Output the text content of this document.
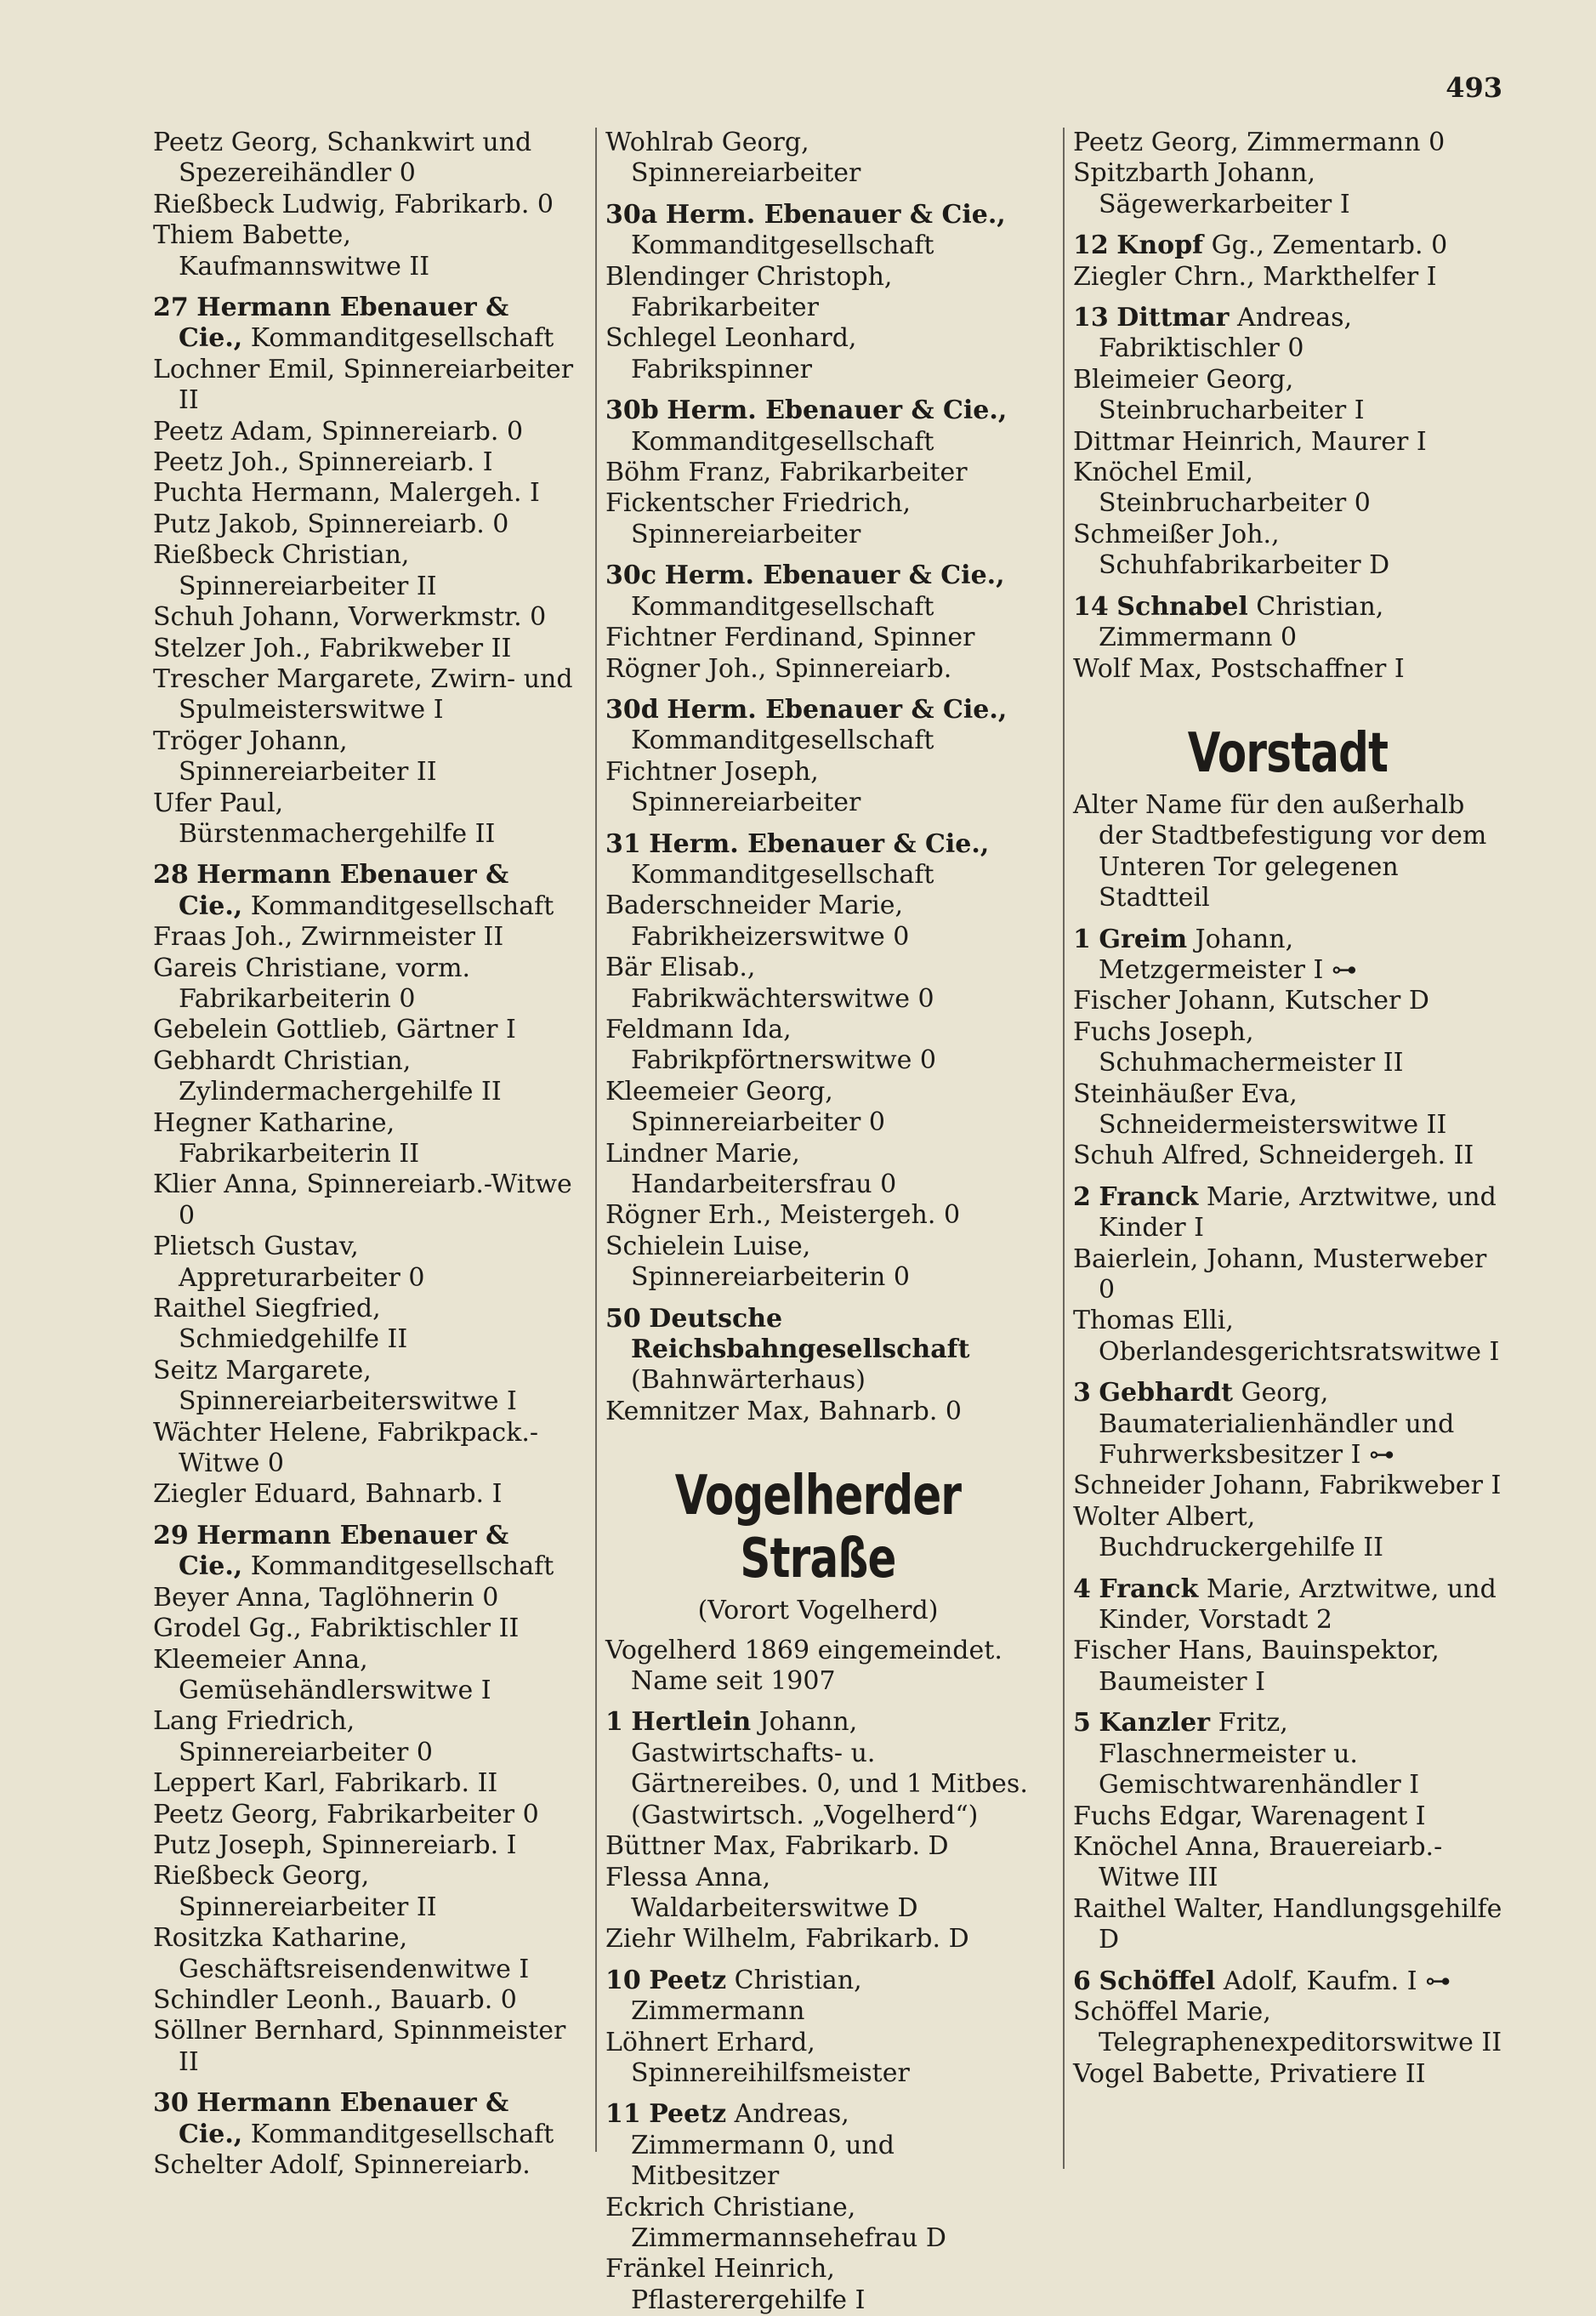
493
Peetz Georg, Schankwirt und Spezereihändler 0
Rießbeck Ludwig, Fabrikarb. 0
Thiem Babette, Kaufmannswitwe II
27 Hermann Ebenauer & Cie., Kommanditgesellschaft
Lochner Emil, Spinnereiarbeiter II
Peetz Adam, Spinnereiarb. 0
Peetz Joh., Spinnereiarb. I
Puchta Hermann, Malergeh. I
Putz Jakob, Spinnereiarb. 0
Rießbeck Christian, Spinnereiarbeiter II
Schuh Johann, Vorwerkmstr. 0
Stelzer Joh., Fabrikweber II
Trescher Margarete, Zwirn- und Spulmeisterswitwe I
Tröger Johann, Spinnereiarbeiter II
Ufer Paul, Bürstenmachergehilfe II
28 Hermann Ebenauer & Cie., Kommanditgesellschaft
Fraas Joh., Zwirnmeister II
Gareis Christiane, vorm. Fabrikarbeiterin 0
Gebelein Gottlieb, Gärtner I
Gebhardt Christian, Zylindermachergehilfe II
Hegner Katharine, Fabrikarbeiterin II
Klier Anna, Spinnereiarb.-Witwe 0
Plietsch Gustav, Appreturarbeiter 0
Raithel Siegfried, Schmiedgehilfe II
Seitz Margarete, Spinnereiarbeiterswitwe I
Wächter Helene, Fabrikpack.-Witwe 0
Ziegler Eduard, Bahnarb. I
29 Hermann Ebenauer & Cie., Kommanditgesellschaft
Beyer Anna, Taglöhnerin 0
Grodel Gg., Fabriktischler II
Kleemeier Anna, Gemüsehändlerswitwe I
Lang Friedrich, Spinnereiarbeiter 0
Leppert Karl, Fabrikarb. II
Peetz Georg, Fabrikarbeiter 0
Putz Joseph, Spinnereiarb. I
Rießbeck Georg, Spinnereiarbeiter II
Rositzka Katharine, Geschäftsreisendenwitwe I
Schindler Leonh., Bauarb. 0
Söllner Bernhard, Spinnmeister II
30 Hermann Ebenauer & Cie., Kommanditgesellschaft
Schelter Adolf, Spinnereiarb.
Wohlrab Georg, Spinnereiarbeiter
30a Herm. Ebenauer & Cie., Kommanditgesellschaft
Blendinger Christoph, Fabrikarbeiter
Schlegel Leonhard, Fabrikspinner
30b Herm. Ebenauer & Cie., Kommanditgesellschaft
Böhm Franz, Fabrikarbeiter
Fickentscher Friedrich, Spinnereiarbeiter
30c Herm. Ebenauer & Cie., Kommanditgesellschaft
Fichtner Ferdinand, Spinner
Rögner Joh., Spinnereiarb.
30d Herm. Ebenauer & Cie., Kommanditgesellschaft
Fichtner Joseph, Spinnereiarbeiter
31 Herm. Ebenauer & Cie., Kommanditgesellschaft
Baderschneider Marie, Fabrikheizerswitwe 0
Bär Elisab., Fabrikwächterswitwe 0
Feldmann Ida, Fabrikpförtnerswitwe 0
Kleemeier Georg, Spinnereiarbeiter 0
Lindner Marie, Handarbeitersfrau 0
Rögner Erh., Meistergeh. 0
Schielein Luise, Spinnereiarbeiterin 0
50 Deutsche Reichsbahngesellschaft (Bahnwärterhaus)
Kemnitzer Max, Bahnarb. 0
Vogelherder Straße
(Vorort Vogelherd)
Vogelherd 1869 eingemeindet. Name seit 1907
1 Hertlein Johann, Gastwirtschafts- u. Gärtnereibes. 0, und 1 Mitbes. (Gastwirtsch. „Vogelherd“)
Büttner Max, Fabrikarb. D
Flessa Anna, Waldarbeiterswitwe D
Ziehr Wilhelm, Fabrikarb. D
10 Peetz Christian, Zimmermann
Löhnert Erhard, Spinnereihilfsmeister
11 Peetz Andreas, Zimmermann 0, und Mitbesitzer
Eckrich Christiane, Zimmermannsehefrau D
Fränkel Heinrich, Pflasterergehilfe I
Peetz Georg, Zimmermann 0
Spitzbarth Johann, Sägewerkarbeiter I
12 Knopf Gg., Zementarb. 0
Ziegler Chrn., Markthelfer I
13 Dittmar Andreas, Fabriktischler 0
Bleimeier Georg, Steinbrucharbeiter I
Dittmar Heinrich, Maurer I
Knöchel Emil, Steinbrucharbeiter 0
Schmeißer Joh., Schuhfabrikarbeiter D
14 Schnabel Christian, Zimmermann 0
Wolf Max, Postschaffner I
Vorstadt
Alter Name für den außerhalb der Stadtbefestigung vor dem Unteren Tor gelegenen Stadtteil
1 Greim Johann, Metzgermeister I ⊶
Fischer Johann, Kutscher D
Fuchs Joseph, Schuhmachermeister II
Steinhäußer Eva, Schneidermeisterswitwe II
Schuh Alfred, Schneidergeh. II
2 Franck Marie, Arztwitwe, und Kinder I
Baierlein, Johann, Musterweber 0
Thomas Elli, Oberlandesgerichtsratswitwe I
3 Gebhardt Georg, Baumaterialienhändler und Fuhrwerksbesitzer I ⊶
Schneider Johann, Fabrikweber I
Wolter Albert, Buchdruckergehilfe II
4 Franck Marie, Arztwitwe, und Kinder, Vorstadt 2
Fischer Hans, Bauinspektor, Baumeister I
5 Kanzler Fritz, Flaschnermeister u. Gemischtwarenhändler I
Fuchs Edgar, Warenagent I
Knöchel Anna, Brauereiarb.-Witwe III
Raithel Walter, Handlungsgehilfe D
6 Schöffel Adolf, Kaufm. I ⊶
Schöffel Marie, Telegraphenexpeditorswitwe II
Vogel Babette, Privatiere II
